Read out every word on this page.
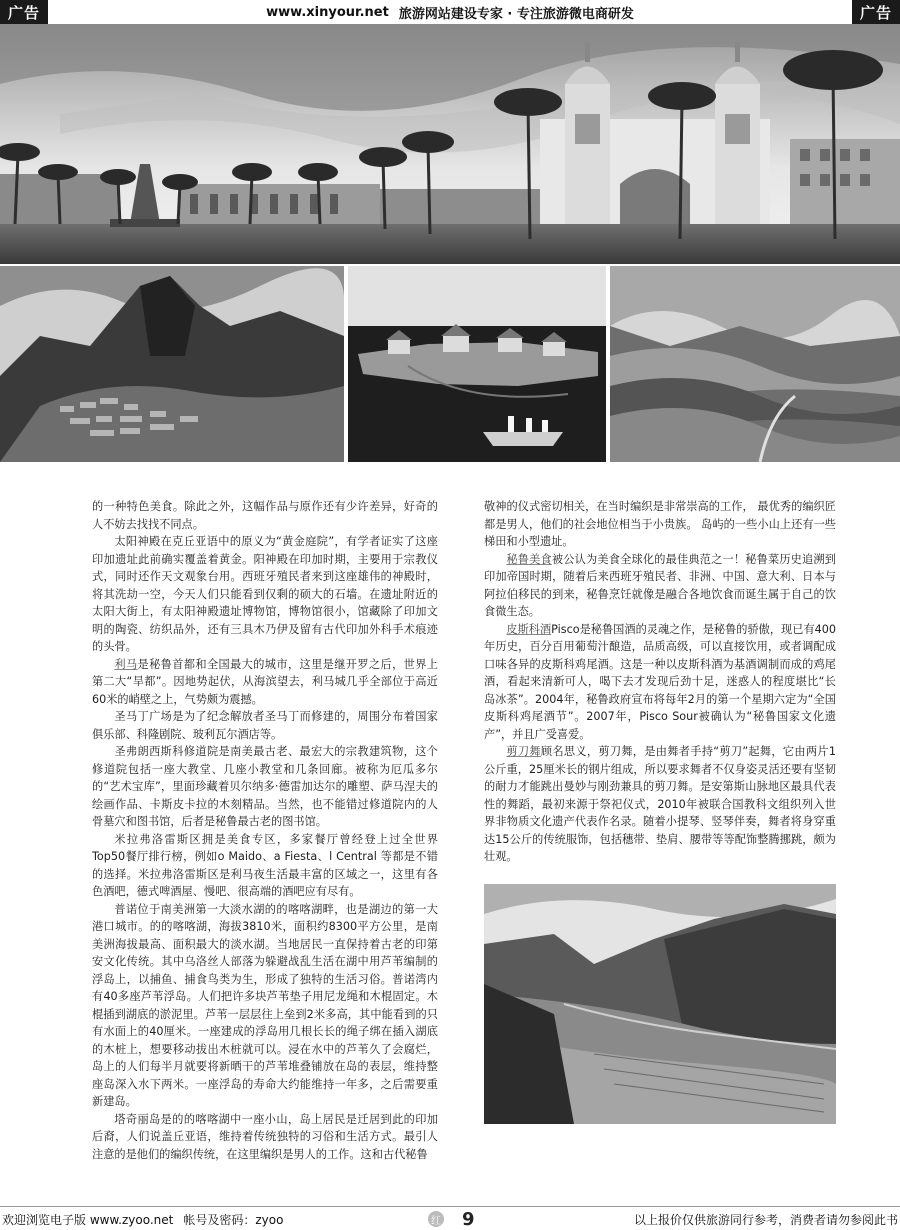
广告	www.xinyour.net 旅游网站建设专家 · 专注旅游微电商研发	广告

的一种特色美食。除此之外，这幅作品与原作还有少许差异，好奇的人不妨去找找不同点。

太阳神殿在克丘亚语中的原义为“黄金庭院”，有学者证实了这座印加遗址此前确实覆盖着黄金。阳神殿在印加时期，主要用于宗教仪式，同时还作天文观象台用。西班牙殖民者来到这座雄伟的神殿时，将其洗劫一空，今天人们只能看到仅剩的硕大的石墙。在遗址附近的太阳大街上，有太阳神殿遗址博物馆，博物馆很小，馆藏除了印加文明的陶瓷、纺织品外，还有三具木乃伊及留有古代印加外科手术痕迹的头骨。

利马是秘鲁首都和全国最大的城市，这里是继开罗之后，世界上第二大“旱都”。因地势起伏，从海滨望去，利马城几乎全部位于高近60米的峭壁之上，气势颇为震撼。

圣马丁广场是为了纪念解放者圣马丁而修建的，周围分布着国家俱乐部、科隆剧院、玻利瓦尔酒店等。

圣弗朗西斯科修道院是南美最古老、最宏大的宗教建筑物，这个修道院包括一座大教堂、几座小教堂和几条回廊。被称为厄瓜多尔的“艺术宝库”，里面珍藏着贝尔纳多·德雷加达尔的雕塑、萨马涅夫的绘画作品、卡斯皮卡拉的木刻精品。当然，也不能错过修道院内的人骨墓穴和图书馆，后者是秘鲁最古老的图书馆。

米拉弗洛雷斯区拥是美食专区，多家餐厅曾经登上过全世界Top50餐厅排行榜，例如o Maido、a Fiesta、l Central 等都是不错的选择。米拉弗洛雷斯区是利马夜生活最丰富的区域之一，这里有各色酒吧，德式啤酒屋、慢吧、很高端的酒吧应有尽有。

普诺位于南美洲第一大淡水湖的的喀喀湖畔，也是湖边的第一大港口城市。的的喀喀湖，海拔3810米，面积约8300平方公里，是南美洲海拔最高、面积最大的淡水湖。当地居民一直保持着古老的印第安文化传统。其中乌洛丝人部落为躲避战乱生活在湖中用芦苇编制的浮岛上，以捕鱼、捕食鸟类为生，形成了独特的生活习俗。普诺湾内有40多座芦苇浮岛。人们把许多块芦苇垫子用尼龙绳和木棍固定。木棍插到湖底的淤泥里。芦苇一层层往上垒到2米多高，其中能看到的只有水面上的40厘米。一座建成的浮岛用几根长长的绳子绑在插入湖底的木桩上，想要移动拔出木桩就可以。浸在水中的芦苇久了会腐烂，岛上的人们每半月就要将新晒干的芦苇堆叠铺放在岛的表层，维持整座岛深入水下两米。一座浮岛的寿命大约能维持一年多，之后需要重新建岛。

塔奇丽岛是的的喀喀湖中一座小山，岛上居民是迁居到此的印加后裔，人们说盖丘亚语，维持着传统独特的习俗和生活方式。最引人注意的是他们的编织传统，在这里编织是男人的工作。这和古代秘鲁

敬神的仪式密切相关，在当时编织是非常崇高的工作， 最优秀的编织匠都是男人，他们的社会地位相当于小贵族。 岛屿的一些小山上还有一些梯田和小型遗址。

秘鲁美食被公认为美食全球化的最佳典范之一！秘鲁菜历史追溯到印加帝国时期，随着后来西班牙殖民者、非洲、中国、意大利、日本与阿拉伯移民的到来，秘鲁烹饪就像是融合各地饮食而诞生属于自己的饮食微生态。

皮斯科酒Pisco是秘鲁国酒的灵魂之作，是秘鲁的骄傲，现已有400年历史，百分百用葡萄汁酿造，品质高级，可以直接饮用，或者调配成口味各异的皮斯科鸡尾酒。这是一种以皮斯科酒为基酒调制而成的鸡尾酒，看起来清新可人，喝下去才发现后劲十足，迷惑人的程度堪比“长岛冰茶”。2004年，秘鲁政府宣布将每年2月的第一个星期六定为“全国皮斯科鸡尾酒节”。2007年，Pisco Sour被确认为“秘鲁国家文化遗产”，并且广受喜爱。

剪刀舞顾名思义，剪刀舞，是由舞者手持“剪刀”起舞，它由两片1公斤重，25厘米长的钢片组成，所以要求舞者不仅身姿灵活还要有坚韧的耐力才能跳出曼妙与刚劲兼具的剪刀舞。是安第斯山脉地区最具代表性的舞蹈，最初来源于祭祀仪式，2010年被联合国教科文组织列入世界非物质文化遗产代表作名录。随着小提琴、竖琴伴奏，舞者将身穿重达15公斤的传统服饰，包括穗带、垫肩、腰带等等配饰整腾挪跳，颇为壮观。

欢迎浏览电子版 www.zyoo.net 帐号及密码：zyoo	红 9	以上报价仅供旅游同行参考，消费者请勿参阅此书
